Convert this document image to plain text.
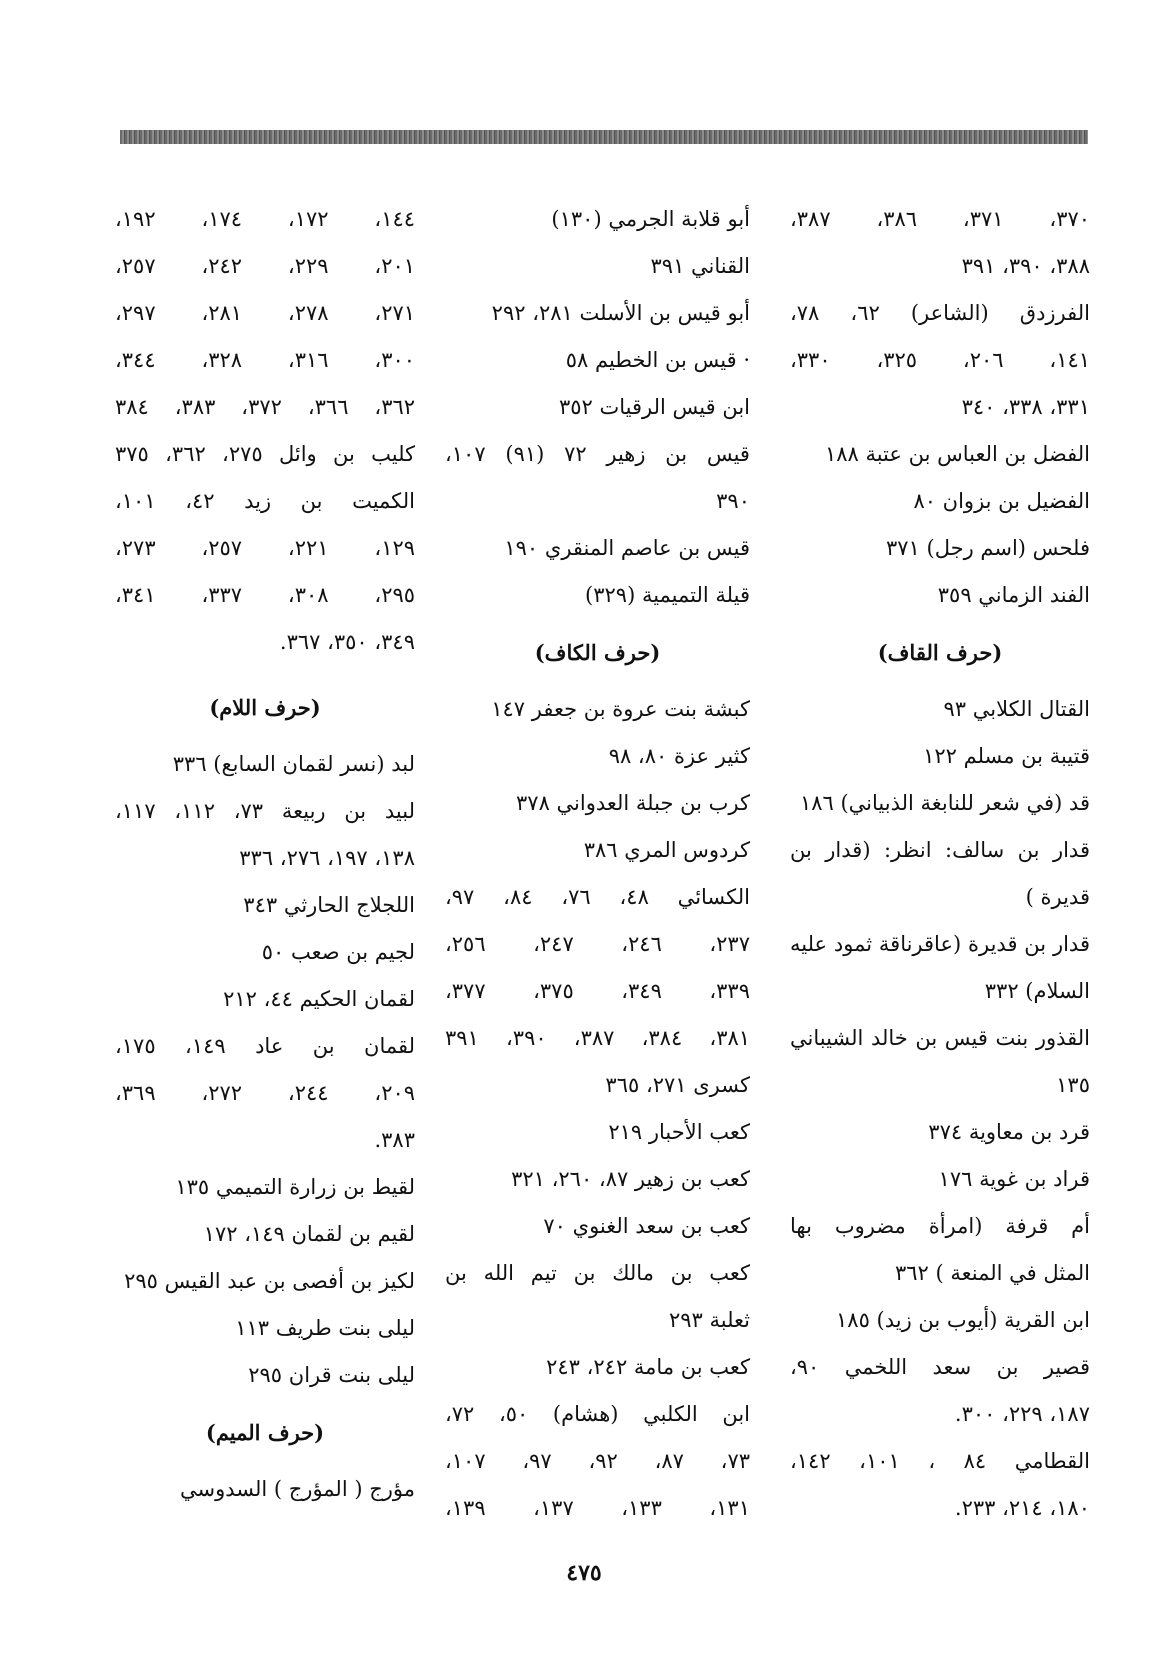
٣٧٠، ٣٧١، ٣٨٦، ٣٨٧،
٣٨٨، ٣٩٠، ٣٩١
الفرزدق (الشاعر) ٦٢، ٧٨،
١٤١، ٢٠٦، ٣٢٥، ٣٣٠،
٣٣١، ٣٣٨، ٣٤٠
الفضل بن العباس بن عتبة ١٨٨
الفضيل بن بزوان ٨٠
فلحس (اسم رجل) ٣٧١
الفند الزماني ٣٥٩
(حرف القاف)
القتال الكلابي ٩٣
قتيبة بن مسلم ١٢٢
قد (في شعر للنابغة الذبياني) ١٨٦
قدار بن سالف: انظر: (قدار بن
قديرة )
قدار بن قديرة (عاقرناقة ثمود عليه
السلام) ٣٣٢
القذور بنت قيس بن خالد الشيباني
١٣٥
قرد بن معاوية ٣٧٤
قراد بن غوية ١٧٦
أم قرفة (امرأة مضروب بها
المثل في المنعة ) ٣٦٢
ابن القرية (أيوب بن زيد) ١٨٥
قصير بن سعد اللخمي ٩٠،
١٨٧، ٢٢٩، ٣٠٠.
القطامي ٨٤ ، ١٠١، ١٤٢،
١٨٠، ٢١٤، ٢٣٣.
أبو قلابة الجرمي (١٣٠)
القناني ٣٩١
أبو قيس بن الأسلت ٢٨١، ٢٩٢
· قيس بن الخطيم ٥٨
ابن قيس الرقيات ٣٥٢
قيس بن زهير ٧٢ (٩١) ١٠٧،
٣٩٠
قيس بن عاصم المنقري ١٩٠
قيلة التميمية (٣٢٩)
(حرف الكاف)
كبشة بنت عروة بن جعفر ١٤٧
كثير عزة ٨٠، ٩٨
كرب بن جبلة العدواني ٣٧٨
كردوس المري ٣٨٦
الكسائي ٤٨، ٧٦، ٨٤، ٩٧،
٢٣٧، ٢٤٦، ٢٤٧، ٢٥٦،
٣٣٩، ٣٤٩، ٣٧٥، ٣٧٧،
٣٨١، ٣٨٤، ٣٨٧، ٣٩٠، ٣٩١
كسرى ٢٧١، ٣٦٥
كعب الأحبار ٢١٩
كعب بن زهير ٨٧، ٢٦٠، ٣٢١
كعب بن سعد الغنوي ٧٠
كعب بن مالك بن تيم الله بن
ثعلبة ٢٩٣
كعب بن مامة ٢٤٢، ٢٤٣
ابن الكلبي (هشام) ٥٠، ٧٢،
٧٣، ٨٧، ٩٢، ٩٧، ١٠٧،
١٣١، ١٣٣، ١٣٧، ١٣٩،
١٤٤، ١٧٢، ١٧٤، ١٩٢،
٢٠١، ٢٢٩، ٢٤٢، ٢٥٧،
٢٧١، ٢٧٨، ٢٨١، ٢٩٧،
٣٠٠، ٣١٦، ٣٢٨، ٣٤٤،
٣٦٢، ٣٦٦، ٣٧٢، ٣٨٣، ٣٨٤
كليب بن وائل ٢٧٥، ٣٦٢، ٣٧٥
الكميت بن زيد ٤٢، ١٠١،
١٢٩، ٢٢١، ٢٥٧، ٢٧٣،
٢٩٥، ٣٠٨، ٣٣٧، ٣٤١،
٣٤٩، ٣٥٠، ٣٦٧.
(حرف اللام)
لبد (نسر لقمان السابع) ٣٣٦
لبيد بن ربيعة ٧٣، ١١٢، ١١٧،
١٣٨، ١٩٧، ٢٧٦، ٣٣٦
اللجلاج الحارثي ٣٤٣
لجيم بن صعب ٥٠
لقمان الحكيم ٤٤، ٢١٢
لقمان بن عاد ١٤٩، ١٧٥،
٢٠٩، ٢٤٤، ٢٧٢، ٣٦٩،
٣٨٣.
لقيط بن زرارة التميمي ١٣٥
لقيم بن لقمان ١٤٩، ١٧٢
لكيز بن أفصى بن عبد القيس ٢٩٥
ليلى بنت طريف ١١٣
ليلى بنت قران ٢٩٥
(حرف الميم)
مؤرج ( المؤرج ) السدوسي
٤٧٥
